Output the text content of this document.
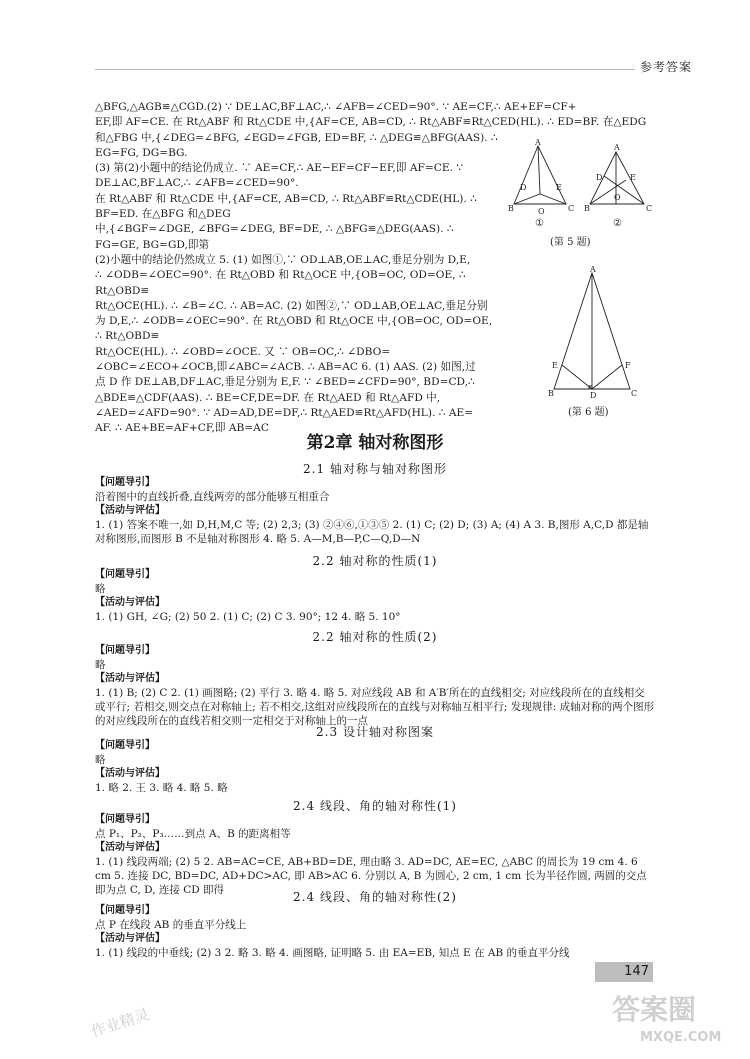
参考答案

△BFG,△AGB≌△CGD.(2) ∵ DE⊥AC,BF⊥AC,∴ ∠AFB=∠CED=90°. ∵ AE=CF,∴ AE+EF=CF+

EF,即 AF=CE. 在 Rt△ABF 和 Rt△CDE 中,{AF=CE, AB=CD, ∴ Rt△ABF≌Rt△CED(HL). ∴ ED=BF. 在△EDG

和△FBG 中,{∠DEG=∠BFG, ∠EGD=∠FGB, ED=BF, ∴ △DEG≌△BFG(AAS). ∴ EG=FG, DG=BG.

(3) 第(2)小题中的结论仍成立. ∵ AE=CF,∴ AE−EF=CF−EF,即 AF=CE. ∵ DE⊥AC,BF⊥AC,∴ ∠AFB=∠CED=90°.

在 Rt△ABF 和 Rt△CDE 中,{AF=CE, AB=CD, ∴ Rt△ABF≌Rt△CDE(HL). ∴ BF=ED. 在△BFG 和△DEG

中,{∠BGF=∠DGE, ∠BFG=∠DEG, BF=DE, ∴ △BFG≌△DEG(AAS). ∴ FG=GE, BG=GD,即第

(2)小题中的结论仍然成立 5. (1) 如图①,∵ OD⊥AB,OE⊥AC,垂足分别为 D,E,

∴ ∠ODB=∠OEC=90°. 在 Rt△OBD 和 Rt△OCE 中,{OB=OC, OD=OE, ∴ Rt△OBD≌

Rt△OCE(HL). ∴ ∠B=∠C. ∴ AB=AC. (2) 如图②,∵ OD⊥AB,OE⊥AC,垂足分别

为 D,E,∴ ∠ODB=∠OEC=90°. 在 Rt△OBD 和 Rt△OCE 中,{OB=OC, OD=OE, ∴ Rt△OBD≌

Rt△OCE(HL). ∴ ∠OBD=∠OCE. 又 ∵ OB=OC,∴ ∠DBO=

∠OBC=∠ECO+∠OCB,即∠ABC=∠ACB. ∴ AB=AC 6. (1) AAS. (2) 如图,过

点 D 作 DE⊥AB,DF⊥AC,垂足分别为 E,F. ∵ ∠BED=∠CFD=90°, BD=CD,∴ △BDE≌△CDF(AAS). ∴ BE=CF,DE=DF. 在 Rt△AED 和 Rt△AFD 中,

∠AED=∠AFD=90°. ∵ AD=AD,DE=DF,∴ Rt△AED≌Rt△AFD(HL). ∴ AE=

AF. ∴ AE+BE=AF+CF,即 AB=AC

A
B	C
D	E
O
A
B	C
D	E
O
①	②
(第 5 题)
A
B	C
D
E	F
(第 6 题)
第2章 轴对称图形
2.1 轴对称与轴对称图形
【问题导引】
沿着图中的直线折叠,直线两旁的部分能够互相重合
【活动与评估】
1. (1) 答案不唯一,如 D,H,M,C 等; (2) 2,3; (3) ②④⑥,①③⑤ 2. (1) C; (2) D; (3) A; (4) A 3. B,图形 A,C,D 都是轴对称图形,而图形 B 不是轴对称图形 4. 略 5. A—M,B—P,C—Q,D—N
2.2 轴对称的性质(1)
【问题导引】
略
【活动与评估】
1. (1) GH, ∠G; (2) 50 2. (1) C; (2) C 3. 90°; 12 4. 略 5. 10°
2.2 轴对称的性质(2)
【问题导引】
略
【活动与评估】
1. (1) B; (2) C 2. (1) 画图略; (2) 平行 3. 略 4. 略 5. 对应线段 AB 和 A′B′所在的直线相交; 对应线段所在的直线相交或平行; 若相交,则交点在对称轴上; 若不相交,这组对应线段所在的直线与对称轴互相平行; 发现规律: 成轴对称的两个图形的对应线段所在的直线若相交则一定相交于对称轴上的一点
2.3 设计轴对称图案
【问题导引】
略
【活动与评估】
1. 略 2. 王 3. 略 4. 略 5. 略
2.4 线段、角的轴对称性(1)
【问题导引】
点 P₁、P₂、P₃……到点 A、B 的距离相等
【活动与评估】
1. (1) 线段两端; (2) 5 2. AB=AC=CE, AB+BD=DE, 理由略 3. AD=DC, AE=EC, △ABC 的周长为 19 cm 4. 6 cm 5. 连接 DC, BD=DC, AD+DC>AC, 即 AB>AC 6. 分别以 A, B 为圆心, 2 cm, 1 cm 长为半径作圆, 两圆的交点即为点 C, D, 连接 CD 即得	2.4 线段、角的轴对称性(2)
【问题导引】
点 P 在线段 AB 的垂直平分线上
【活动与评估】
1. (1) 线段的中垂线; (2) 3 2. 略 3. 略 4. 画图略, 证明略 5. 由 EA=EB, 知点 E 在 AB 的垂直平分线
147
作业精灵	答案圈
MXQE.COM
